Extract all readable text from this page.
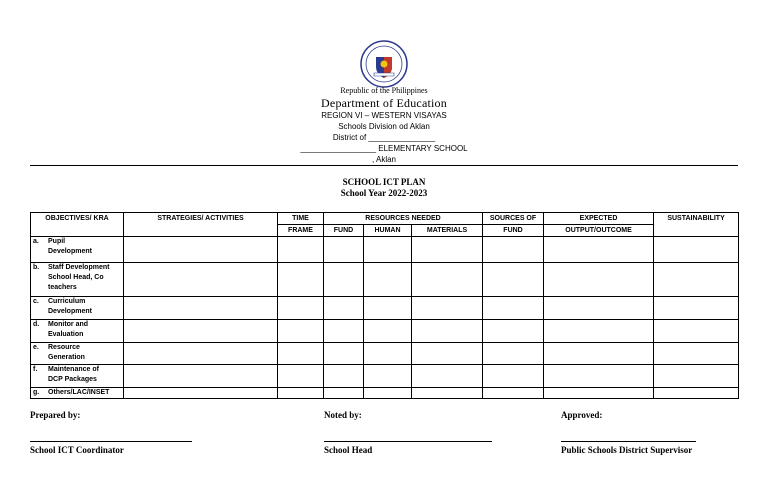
Republic of the Philippines
Department of Education
REGION VI – WESTERN VISAYAS
Schools Division od Aklan
District of _______________
_________________ ELEMENTARY SCHOOL
, Aklan
SCHOOL ICT PLAN
School Year 2022-2023
OBJECTIVES/ KRA	STRATEGIES/ ACTIVITIES	TIME	RESOURCES NEEDED			SOURCES OF	EXPECTED	SUSTAINABILITY
		FRAME	FUND	HUMAN	MATERIALS	FUND	OUTPUT/OUTCOME	

a. Pupil
Development								

b. Staff Development
School Head, Co
teachers								

c. Curriculum
Development								

d. Monitor and
Evaluation								

e. Resource
Generation								

f. Maintenance of
DCP Packages								

g. Others/LAC/INSET								

Prepared by:	Noted by:	Approved:
School ICT Coordinator	School Head	Public Schools District Supervisor
